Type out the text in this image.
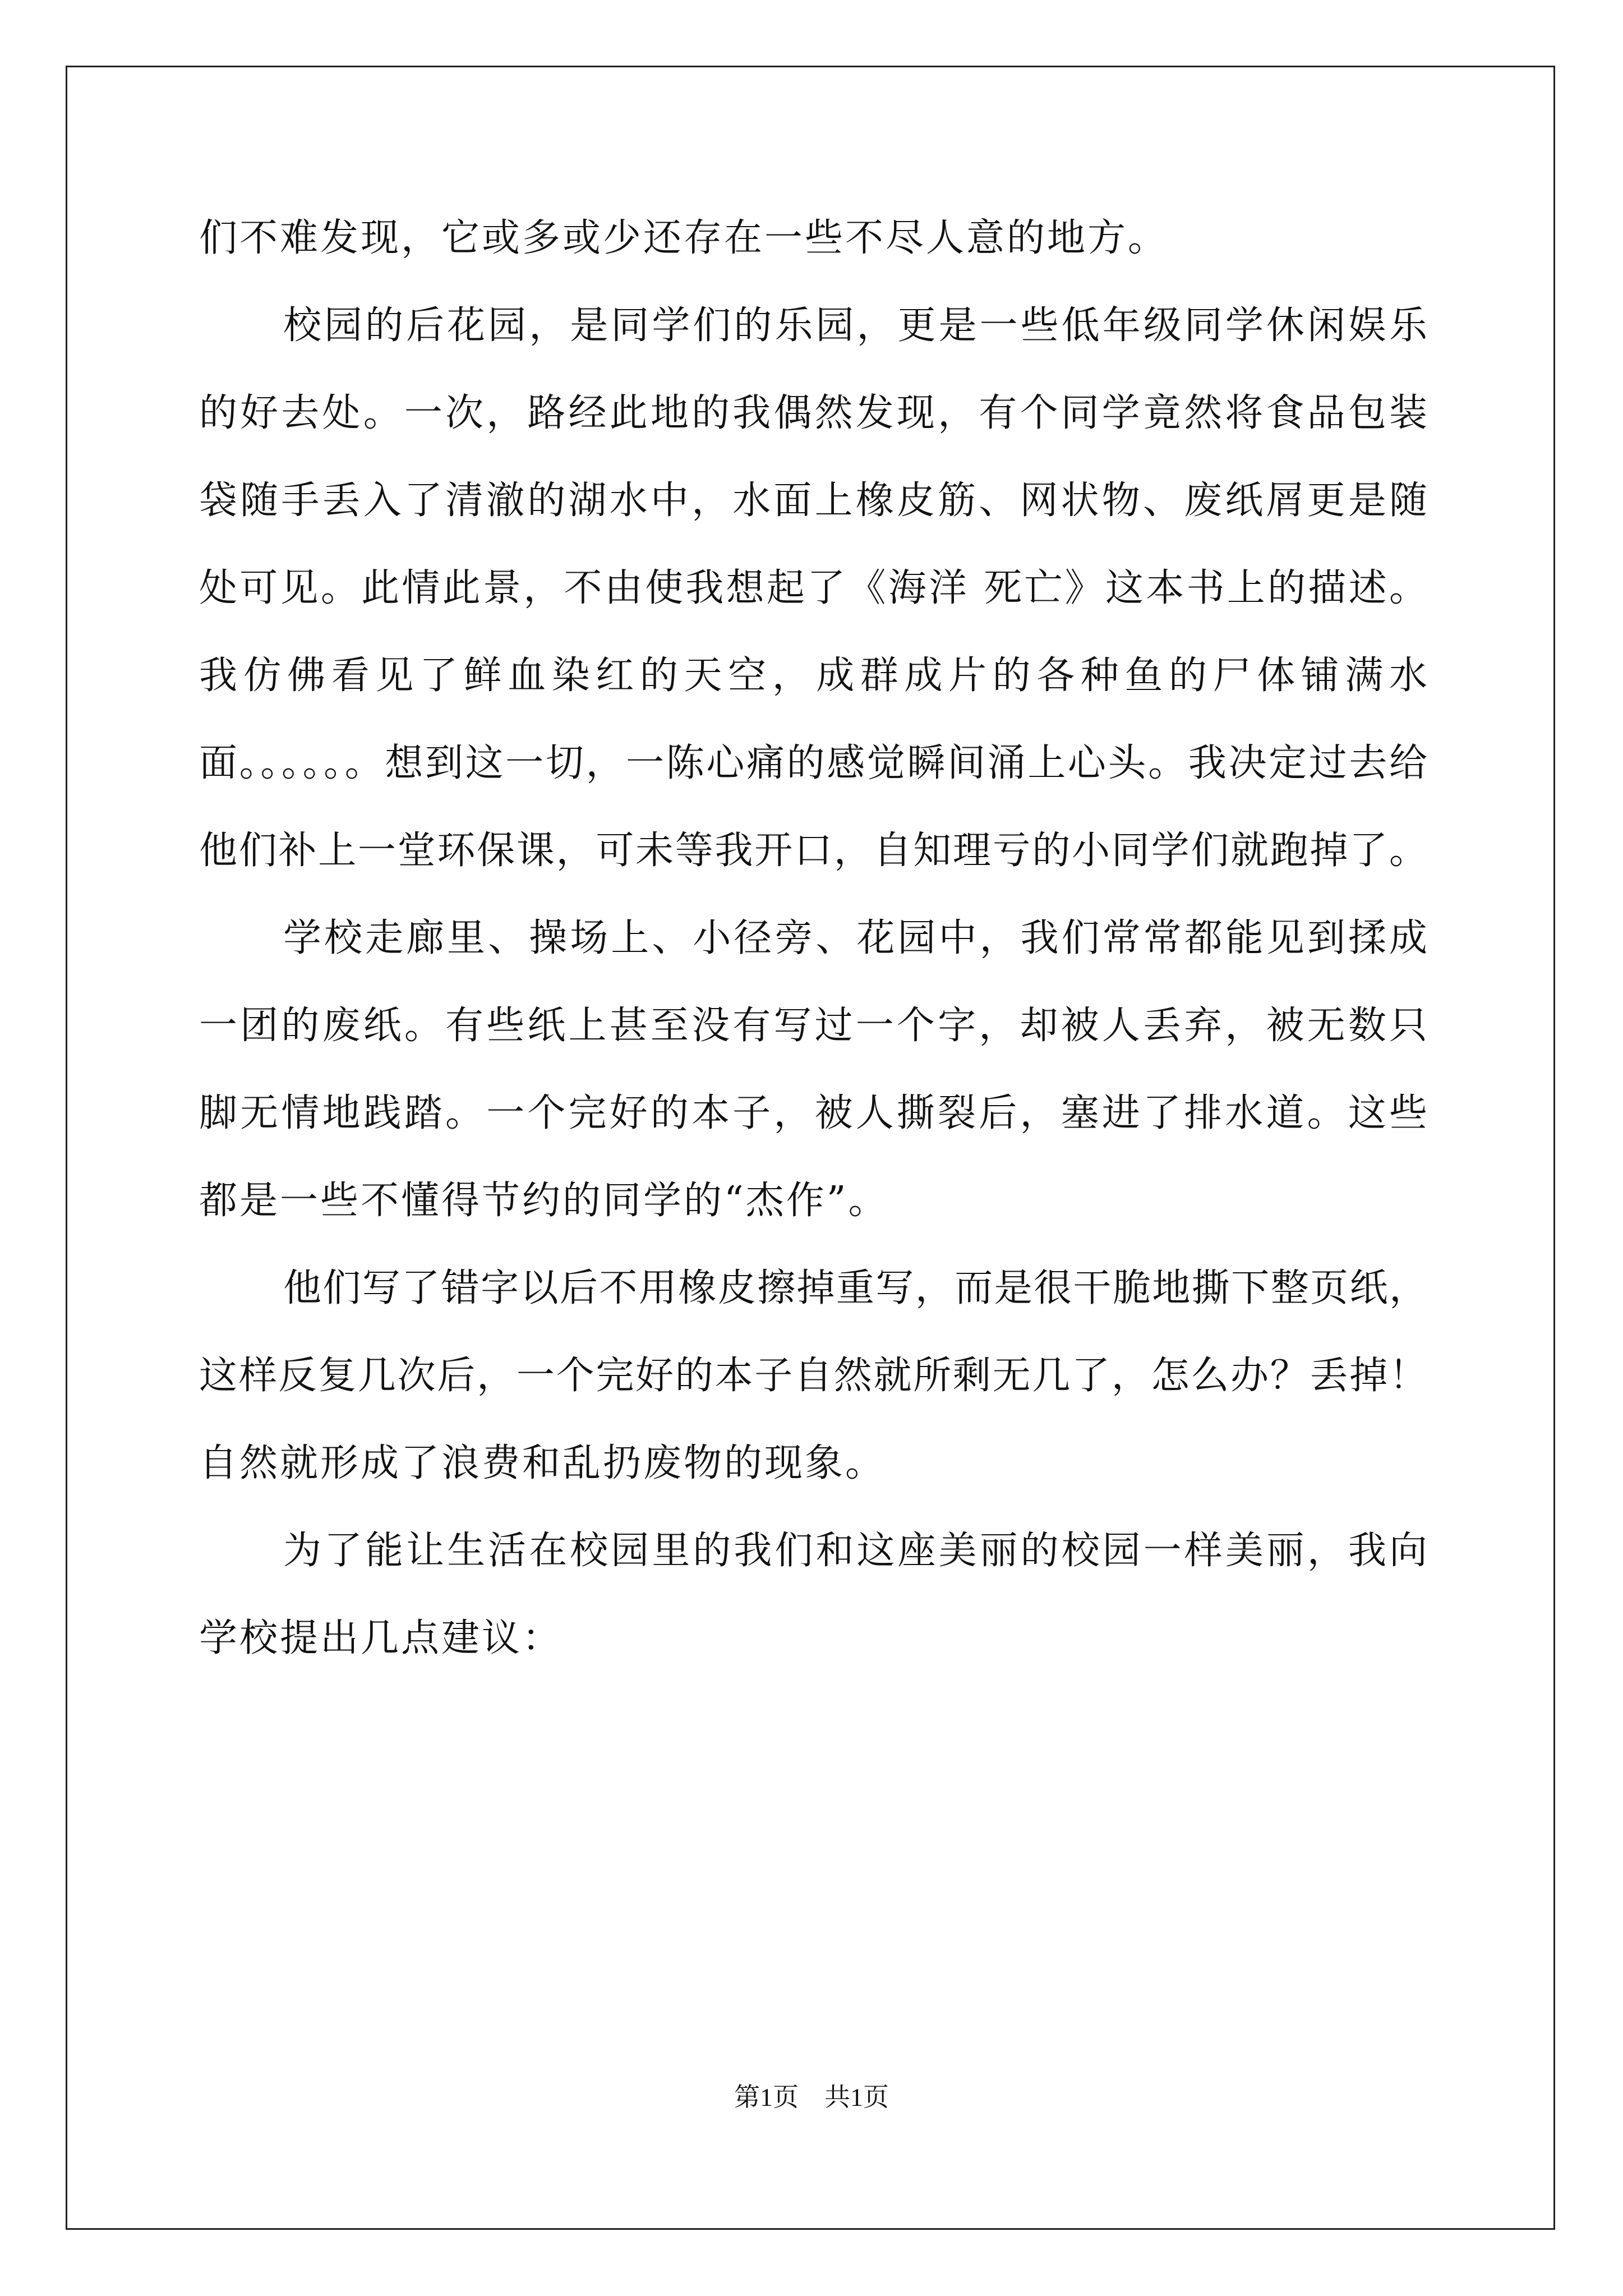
们不难发现，它或多或少还存在一些不尽人意的地方。
校园的后花园，是同学们的乐园，更是一些低年级同学休闲娱乐
的好去处。一次，路经此地的我偶然发现，有个同学竟然将食品包装
袋随手丢入了清澈的湖水中，水面上橡皮筋、网状物、废纸屑更是随
处可见。此情此景，不由使我想起了《海洋 死亡》这本书上的描述。
我仿佛看见了鲜血染红的天空，成群成片的各种鱼的尸体铺满水
面。。。。。。想到这一切，一陈心痛的感觉瞬间涌上心头。我决定过去给
他们补上一堂环保课，可未等我开口，自知理亏的小同学们就跑掉了。
学校走廊里、操场上、小径旁、花园中，我们常常都能见到揉成
一团的废纸。有些纸上甚至没有写过一个字，却被人丢弃，被无数只
脚无情地践踏。一个完好的本子，被人撕裂后，塞进了排水道。这些
都是一些不懂得节约的同学的“杰作”。
他们写了错字以后不用橡皮擦掉重写，而是很干脆地撕下整页纸，
这样反复几次后，一个完好的本子自然就所剩无几了，怎么办？丢掉！
自然就形成了浪费和乱扔废物的现象。
为了能让生活在校园里的我们和这座美丽的校园一样美丽，我向
学校提出几点建议：
第1页　共1页
